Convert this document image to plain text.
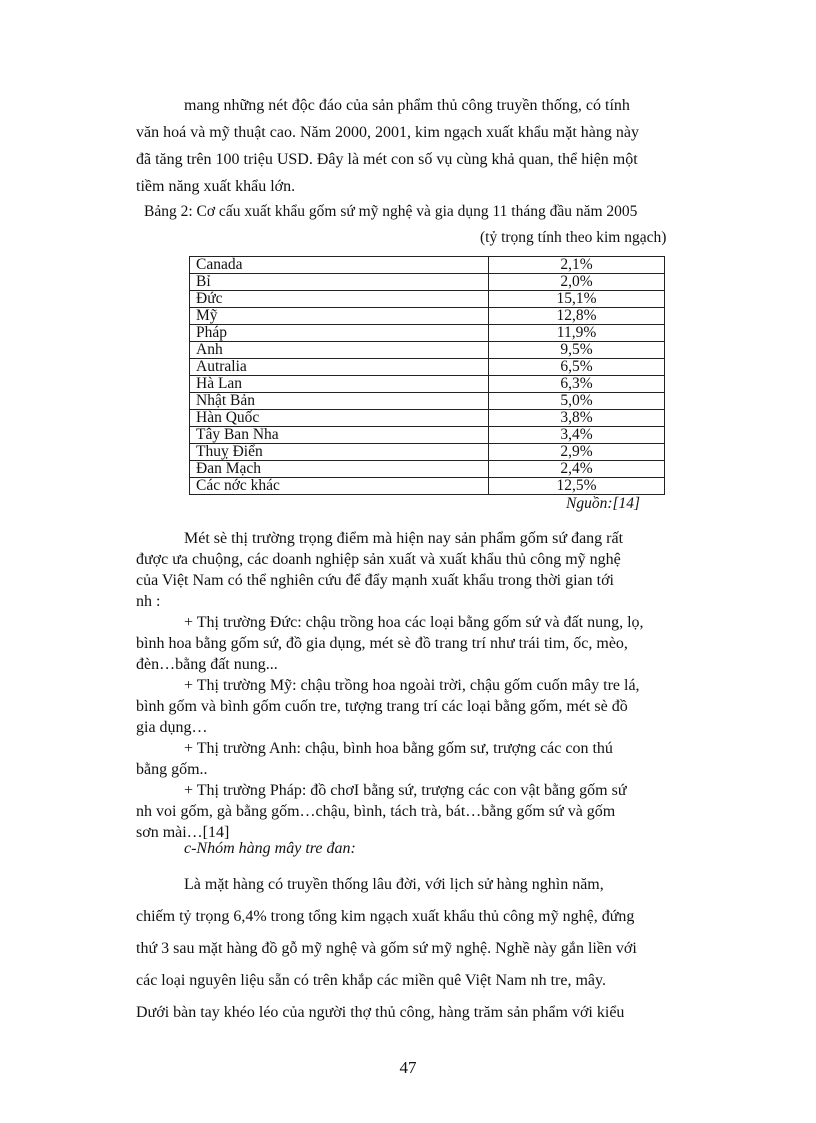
mang những nét độc đáo của sản phẩm thủ công truyền thống, có tính
văn hoá và mỹ thuật cao. Năm 2000, 2001, kim ngạch xuất khẩu mặt hàng này
đã tăng trên 100 triệu USD. Đây là mét con số vụ cùng khả quan, thể hiện một
tiềm năng xuất khẩu lớn.
Bảng 2: Cơ cấu xuất khẩu gốm sứ mỹ nghệ và gia dụng 11 tháng đầu năm 2005
(tỷ trọng tính theo kim ngạch)
Canada	2,1%
Bỉ	2,0%
Đức	15,1%
Mỹ	12,8%
Pháp	11,9%
Anh	9,5%
Autralia	6,5%
Hà Lan	6,3%
Nhật Bản	5,0%
Hàn Quốc	3,8%
Tây Ban Nha	3,4%
Thuỵ Điển	2,9%
Đan Mạch	2,4%
Các nớc khác	12,5%
Nguồn:[14]
Mét sè thị trường trọng điểm mà hiện nay sản phẩm gốm sứ đang rất
được ưa chuộng, các doanh nghiệp sản xuất và xuất khẩu thủ công mỹ nghệ
của Việt Nam có thể nghiên cứu để đẩy mạnh xuất khẩu trong thời gian tới
nh :
+ Thị trường Đức: chậu trồng hoa các loại bằng gốm sứ và đất nung, lọ,
bình hoa bằng gốm sứ, đồ gia dụng, mét sè đồ trang trí như trái tim, ốc, mèo,
đèn…bằng đất nung...
+ Thị trường Mỹ: chậu trồng hoa ngoài trời, chậu gốm cuốn mây tre lá,
bình gốm và bình gốm cuốn tre, tượng trang trí các loại bằng gốm, mét sè đồ
gia dụng…
+ Thị trường Anh: chậu, bình hoa bằng gốm sư, trượng các con thú
bằng gốm..
+ Thị trường Pháp: đồ chơI bằng sứ, trượng các con vật bằng gốm sứ
nh voi gốm, gà bằng gốm…chậu, bình, tách trà, bát…bằng gốm sứ và gốm
sơn mài…[14]
c-Nhóm hàng mây tre đan:
Là mặt hàng có truyền thống lâu đời, với lịch sử hàng nghìn năm,
chiếm tỷ trọng 6,4% trong tổng kim ngạch xuất khẩu thủ công mỹ nghệ, đứng
thứ 3 sau mặt hàng đồ gỗ mỹ nghệ và gốm sứ mỹ nghệ. Nghề này gắn liền với
các loại nguyên liệu sẵn có trên khắp các miền quê Việt Nam nh tre, mây.
Dưới bàn tay khéo léo của người thợ thủ công, hàng trăm sản phẩm với kiểu
47
